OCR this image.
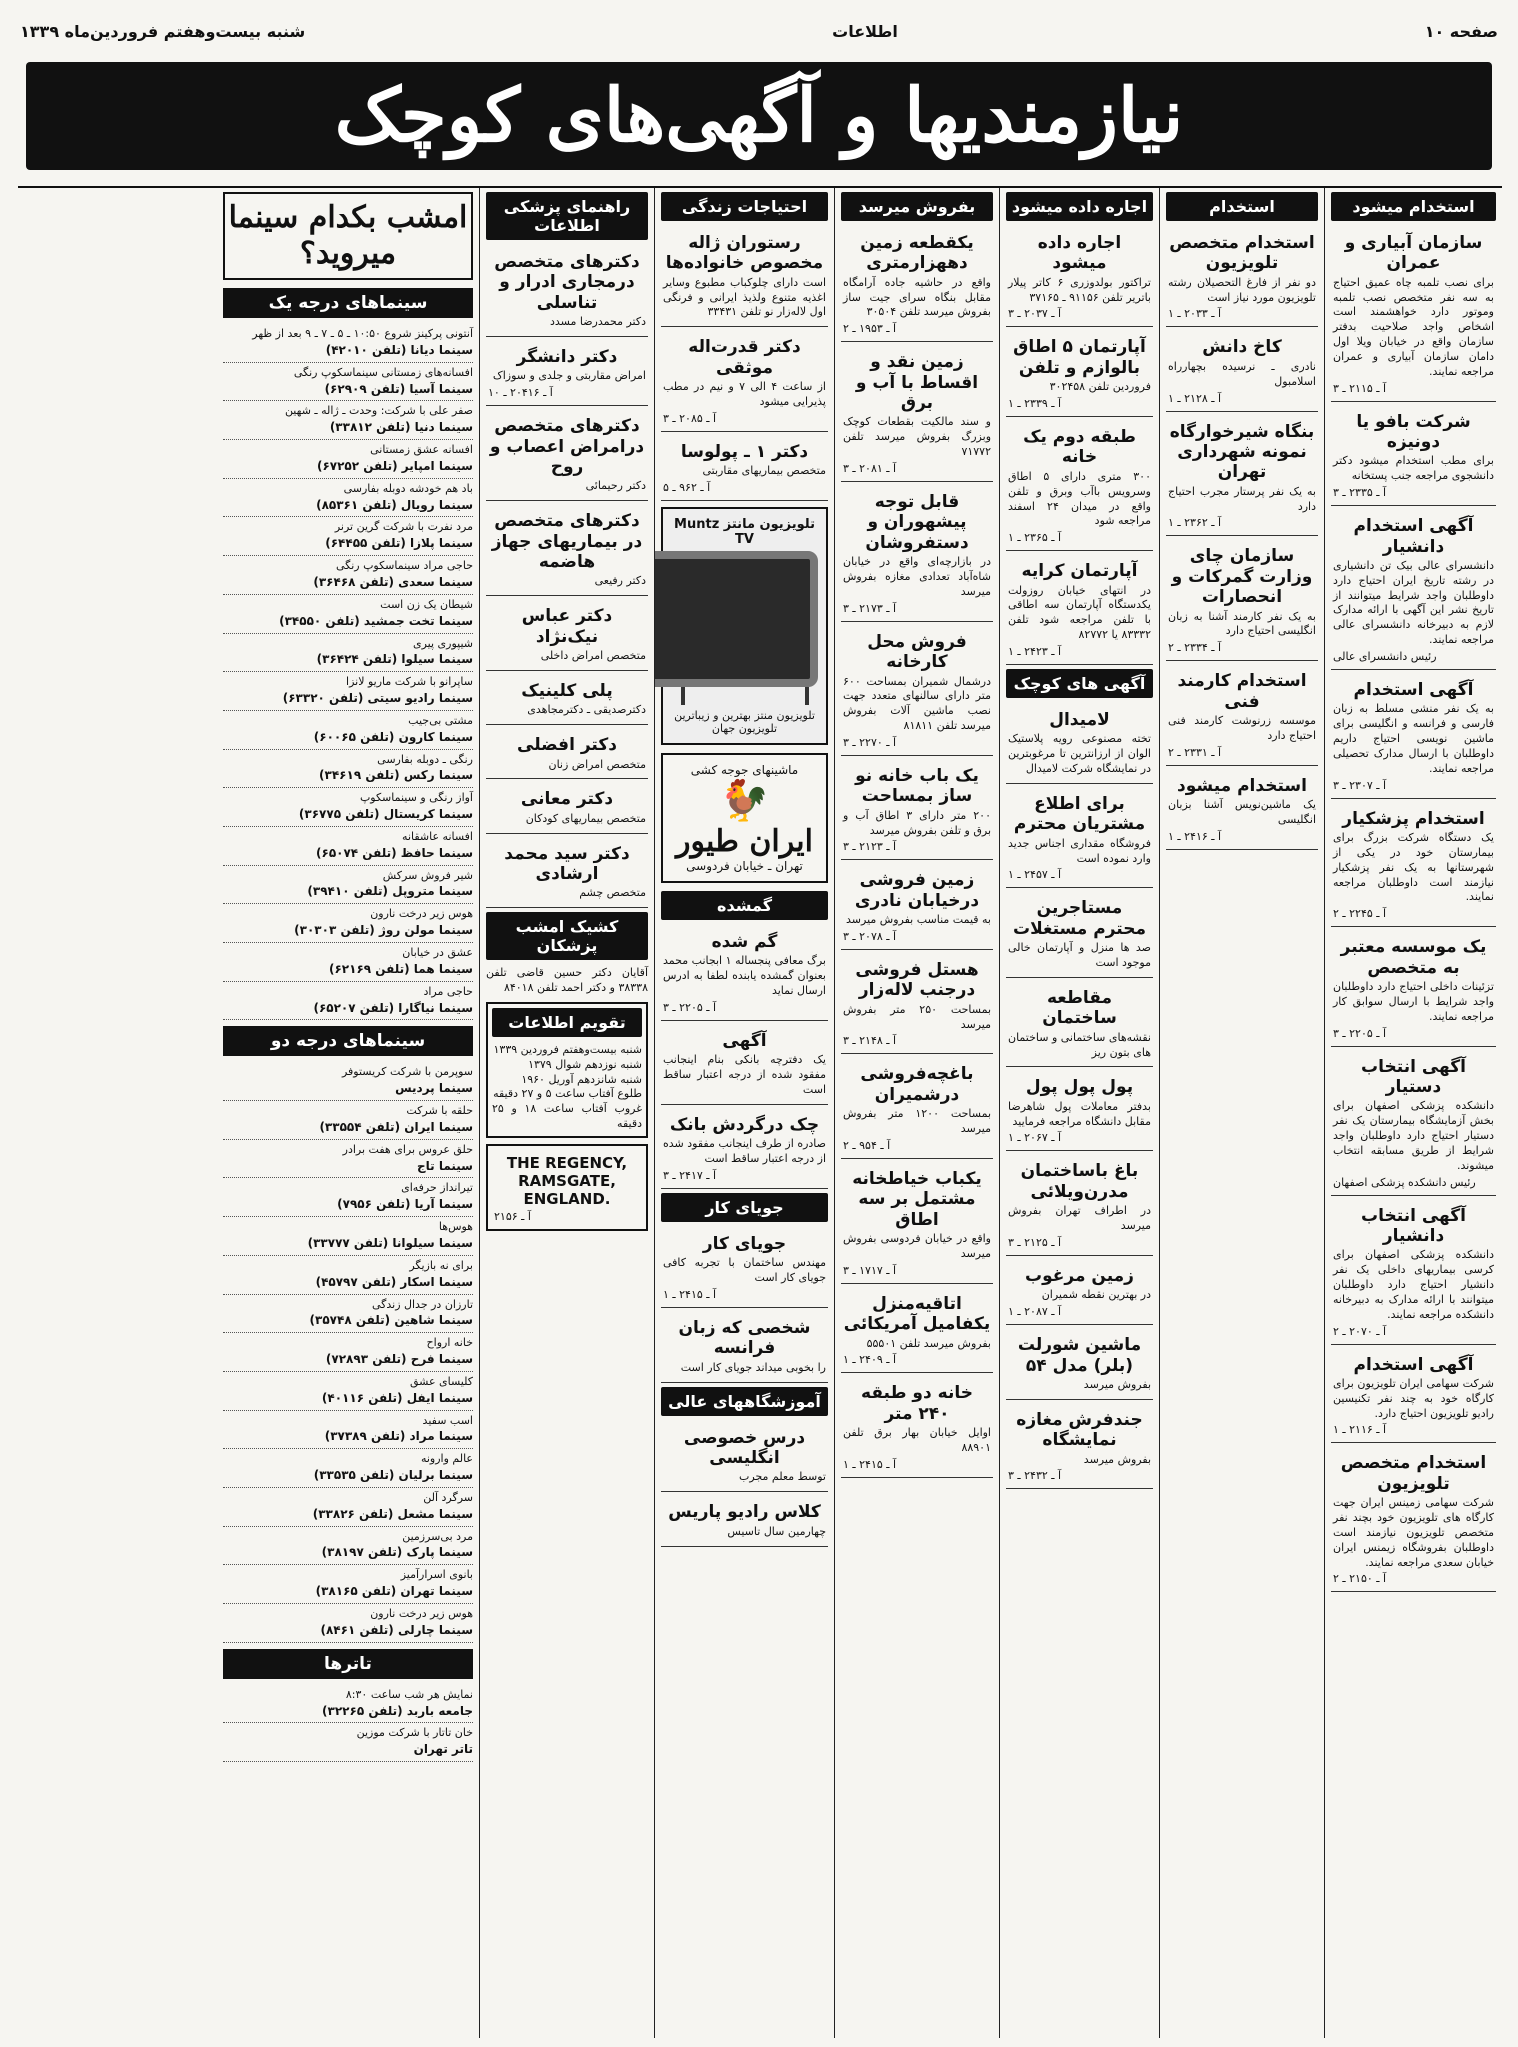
صفحه ۱۰
اطلاعات
شنبه بیست‌وهفتم فروردین‌ماه ۱۳۳۹
نیازمندیها و آگهی‌های کوچک
استخدام میشود
سازمان آبیاری و عمران
برای نصب تلمبه چاه عمیق احتیاج به سه نفر متخصص نصب تلمبه وموتور دارد خواهشمند است اشخاص واجد صلاحیت بدفتر سازمان واقع در خیابان ویلا اول دامان سازمان آبیاری و عمران مراجعه نمایند.
آ ـ ۲۱۱۵ ـ ۳
شرکت بافو یا دونیزه
برای مطب استخدام میشود دکتر دانشجوی مراجعه جنب پستخانه
آ ـ ۲۳۳۵ ـ ۳
آگهی استخدام دانشیار
دانشسرای عالی بیک تن دانشیاری در رشته تاریخ ایران احتیاج دارد داوطلبان واجد شرایط میتوانند از تاریخ نشر این آگهی با ارائه مدارک لازم به دبیرخانه دانشسرای عالی مراجعه نمایند.
رئیس دانشسرای عالی
آگهی استخدام
به یک نفر منشی مسلط به زبان فارسی و فرانسه و انگلیسی برای ماشین نویسی احتیاج داریم داوطلبان با ارسال مدارک تحصیلی مراجعه نمایند.
آ ـ ۲۳۰۷ ـ ۳
استخدام پزشکیار
یک دستگاه شرکت بزرگ برای بیمارستان خود در یکی از شهرستانها به یک نفر پزشکیار نیازمند است داوطلبان مراجعه نمایند.
آ ـ ۲۲۴۵ ـ ۲
یک موسسه معتبر به متخصص
تزئینات داخلی احتیاج دارد داوطلبان واجد شرایط با ارسال سوابق کار مراجعه نمایند.
آ ـ ۲۲۰۵ ـ ۳
آگهی انتخاب دستیار
دانشکده پزشکی اصفهان برای بخش آزمایشگاه بیمارستان یک نفر دستیار احتیاج دارد داوطلبان واجد شرایط از طریق مسابقه انتخاب میشوند.
رئیس دانشکده پزشکی اصفهان
آگهی انتخاب دانشیار
دانشکده پزشکی اصفهان برای کرسی بیماریهای داخلی یک نفر دانشیار احتیاج دارد داوطلبان میتوانند با ارائه مدارک به دبیرخانه دانشکده مراجعه نمایند.
آ ـ ۲۰۷۰ ـ ۲
آگهی استخدام
شرکت سهامی ایران تلویزیون برای کارگاه خود به چند نفر تکنیسین رادیو تلویزیون احتیاج دارد.
آ ـ ۲۱۱۶ ـ ۱
استخدام متخصص تلویزیون
شرکت سهامی زمینس ایران جهت کارگاه های تلویزیون خود بچند نفر متخصص تلویزیون نیازمند است داوطلبان بفروشگاه زیمنس ایران خیابان سعدی مراجعه نمایند.
آ ـ ۲۱۵۰ ـ ۲
استخدام
استخدام متخصص تلویزیون
دو نفر از فارغ التحصیلان رشته تلویزیون مورد نیاز است
آ ـ ۲۰۳۳ ـ ۱
کاخ دانش
نادری ـ نرسیده بچهارراه اسلامبول
آ ـ ۲۱۲۸ ـ ۱
بنگاه شیرخوارگاه نمونه شهرداری تهران
به یک نفر پرستار مجرب احتیاج دارد
آ ـ ۲۳۶۲ ـ ۱
سازمان چای وزارت گمرکات و انحصارات
به یک نفر کارمند آشنا به زبان انگلیسی احتیاج دارد
آ ـ ۲۳۳۴ ـ ۲
استخدام کارمند فنی
موسسه زرنوشت کارمند فنی احتیاج دارد
آ ـ ۲۳۳۱ ـ ۲
استخدام میشود
یک ماشین‌نویس آشنا بزبان انگلیسی
آ ـ ۲۴۱۶ ـ ۱
اجاره داده میشود
اجاره داده میشود
تراکتور بولدوزری ۶ کاتر پیلار باتریر تلفن ۹۱۱۵۶ ـ ۳۷۱۶۵
آ ـ ۲۰۳۷ ـ ۳
آپارتمان ۵ اطاق بالوازم و تلفن
فروردین تلفن ۳۰۲۴۵۸
آ ـ ۲۳۳۹ ـ ۱
طبقه دوم یک خانه
۳۰۰ متری دارای ۵ اطاق وسرویس باآب وبرق و تلفن واقع در میدان ۲۴ اسفند مراجعه شود
آ ـ ۲۳۶۵ ـ ۱
آپارتمان کرایه
در انتهای خیابان روزولت یکدستگاه آپارتمان سه اطاقی با تلفن مراجعه شود تلفن ۸۳۳۳۲ یا ۸۲۷۷۲
آ ـ ۲۴۲۳ ـ ۱
آگهی های کوچک
لامیدال
تخته مصنوعی رویه پلاستیک الوان از ارزانترین تا مرغوبترین در نمایشگاه شرکت لامیدال
برای اطلاع مشتریان محترم
فروشگاه مقداری اجناس جدید وارد نموده است
آ ـ ۲۴۵۷ ـ ۱
مستاجرین محترم مستغلات
صد ها منزل و آپارتمان خالی موجود است
مقاطعه ساختمان
نقشه‌های ساختمانی و ساختمان های بتون ریز
پول پول پول
بدفتر معاملات پول شاهرضا مقابل دانشگاه مراجعه فرمایید
آ ـ ۲۰۶۷ ـ ۱
باغ باساختمان مدرن‌ویلائی
در اطراف تهران بفروش میرسد
آ ـ ۲۱۲۵ ـ ۳
زمین مرغوب
در بهترین نقطه شمیران
آ ـ ۲۰۸۷ ـ ۱
ماشین شورلت (بلر) مدل ۵۴
بفروش میرسد
جندفرش مغازه نمایشگاه
بفروش میرسد
آ ـ ۲۴۳۲ ـ ۳
بفروش میرسد
یکقطعه زمین دههزارمتری
واقع در حاشیه جاده آرامگاه مقابل بنگاه سرای جیت ساز بفروش میرسد تلفن ۳۰۵۰۴
آ ـ ۱۹۵۳ ـ ۲
زمین نقد و اقساط با آب و برق
و سند مالکیت بقطعات کوچک وبزرگ بفروش میرسد تلفن ۷۱۷۷۲
آ ـ ۲۰۸۱ ـ ۳
قابل توجه پیشهوران و دستفروشان
در بازارچه‌ای واقع در خیابان شاه‌آباد تعدادی مغازه بفروش میرسد
آ ـ ۲۱۷۳ ـ ۳
فروش محل کارخانه
درشمال شمیران بمساحت ۶۰۰ متر دارای سالنهای متعدد جهت نصب ماشین آلات بفروش میرسد تلفن ۸۱۸۱۱
آ ـ ۲۲۷۰ ـ ۳
یک باب خانه نو ساز بمساحت
۲۰۰ متر دارای ۳ اطاق آب و برق و تلفن بفروش میرسد
آ ـ ۲۱۲۳ ـ ۳
زمین فروشی درخیابان نادری
به قیمت مناسب بفروش میرسد
آ ـ ۲۰۷۸ ـ ۳
هستل فروشی درجنب لاله‌زار
بمساحت ۲۵۰ متر بفروش میرسد
آ ـ ۲۱۴۸ ـ ۳
باغچه‌فروشی درشمیران
بمساحت ۱۲۰۰ متر بفروش میرسد
آ ـ ۹۵۴ ـ ۲
یکباب خیاطخانه مشتمل بر سه اطاق
واقع در خیابان فردوسی بفروش میرسد
آ ـ ۱۷۱۷ ـ ۳
اتاقیه‌منزل یکفامیل آمریکائی
بفروش میرسد تلفن ۵۵۵۰۱
آ ـ ۲۴۰۹ ـ ۱
خانه دو طبقه ۲۴۰ متر
اوایل خیابان بهار برق تلفن ۸۸۹۰۱
آ ـ ۲۴۱۵ ـ ۱
احتیاجات زندگی
رستوران ژاله مخصوص خانواده‌ها
است دارای چلوکباب مطبوع وسایر اغذیه متنوع ولذیذ ایرانی و فرنگی اول لاله‌زار نو تلفن ۳۳۴۳۱
دکتر قدرت‌اله موثقی
از ساعت ۴ الی ۷ و نیم در مطب پذیرایی میشود
آ ـ ۲۰۸۵ ـ ۳
دکتر ۱ ـ پولوسا
متخصص بیماریهای مقاربتی
آ ـ ۹۶۲ ـ ۵
تلویزیون مانتز Muntz TV
تلویزیون منتز بهترین و زیباترین تلویزیون جهان
ماشینهای جوجه کشی
🐓
ایران طیور
تهران ـ خیابان فردوسی
گمشده
گم شده
برگ معافی پنجساله ۱ ابجانب محمد بعنوان گمشده یابنده لطفا به ادرس ارسال نماید
آ ـ ۲۲۰۵ ـ ۳
آگهی
یک دفترچه بانکی بنام اینجانب مفقود شده از درجه اعتبار ساقط است
چک درگردش بانک
صادره از طرف اینجانب مفقود شده از درجه اعتبار ساقط است
آ ـ ۲۴۱۷ ـ ۳
جویای کار
جویای کار
مهندس ساختمان با تجربه کافی جویای کار است
آ ـ ۲۴۱۵ ـ ۱
شخصی که زبان فرانسه
را بخوبی میداند جویای کار است
آموزشگاههای عالی
درس خصوصی انگلیسی
توسط معلم مجرب
کلاس رادیو پاریس
چهارمین سال تاسیس
راهنمای پزشکی اطلاعات
دکترهای متخصص درمجاری ادرار و تناسلی
دکتر محمدرضا مسدد
دکتر دانشگر
امراض مقاربتی و جلدی و سوزاک
آ ـ ۲۰۴۱۶ ـ ۱۰
دکترهای متخصص درامراض اعصاب و روح
دکتر رحیمائی
دکترهای متخصص در بیماریهای جهاز هاضمه
دکتر رفیعی
دکتر عباس نیک‌نژاد
متخصص امراض داخلی
پلی کلینیک
دکترصدیقی ـ دکترمجاهدی
دکتر افضلی
متخصص امراض زنان
دکتر معانی
متخصص بیماریهای کودکان
دکتر سید محمد ارشادی
متخصص چشم
کشیک امشب پزشکان
آقایان دکتر حسین قاضی تلفن ۳۸۳۳۸ و دکتر احمد تلفن ۸۴۰۱۸
تقویم اطلاعات
شنبه بیست‌وهفتم فروردین ۱۳۳۹
شنبه نوزدهم شوال ۱۳۷۹
شنبه شانزدهم آوریل ۱۹۶۰
طلوع آفتاب ساعت ۵ و ۲۷ دقیقه
غروب آفتاب ساعت ۱۸ و ۲۵ دقیقه
THE REGENCY, RAMSGATE, ENGLAND.
آ ـ ۲۱۵۶
امشب بکدام سینما میروید؟
سینماهای درجه یک
آنتونی پرکینز شروع ۱۰:۵۰ ـ ۵ ـ ۷ ـ ۹ بعد از ظهر
سینما دیانا (تلفن ۴۲۰۱۰)
افسانه‌های زمستانی سینماسکوپ رنگی
سینما آسیا (تلفن ۶۲۹۰۹)
صفر علی با شرکت: وحدت ـ ژاله ـ شهین
سینما دنیا (تلفن ۳۳۸۱۲)
افسانه عشق زمستانی
سینما امپایر (تلفن ۶۷۲۵۲)
باد هم خودشه دوبله بفارسی
سینما رویال (تلفن ۸۵۳۶۱)
مرد نفرت با شرکت گرین ترنر
سینما پلازا (تلفن ۶۴۴۵۵)
حاجی مراد سینماسکوپ رنگی
سینما سعدی (تلفن ۳۶۴۶۸)
شیطان یک زن است
سینما تخت جمشید (تلفن ۳۴۵۵۰)
شیپوری پیری
سینما سیلوا (تلفن ۳۶۴۲۴)
ساپرانو با شرکت ماریو لانزا
سینما رادیو سیتی (تلفن ۶۳۳۲۰)
مشتی بی‌جیب
سینما کارون (تلفن ۶۰۰۶۵)
رنگی ـ دوبله بفارسی
سینما رکس (تلفن ۳۴۶۱۹)
آواز رنگی و سینماسکوپ
سینما کریستال (تلفن ۳۶۷۷۵)
افسانه عاشقانه
سینما حافظ (تلفن ۶۵۰۷۴)
شیر فروش سرکش
سینما متروپل (تلفن ۳۹۴۱۰)
هوس زیر درخت نارون
سینما مولن روژ (تلفن ۳۰۳۰۳)
عشق در خیابان
سینما هما (تلفن ۶۲۱۶۹)
حاجی مراد
سینما نیاگارا (تلفن ۶۵۲۰۷)
سینماهای درجه دو
سوپرمن با شرکت کریستوفر
سینما پردیس
حلقه با شرکت
سینما ایران (تلفن ۳۳۵۵۴)
حلق عروس برای هفت برادر
سینما تاج
تیرانداز حرفه‌ای
سینما آریا (تلفن ۷۹۵۶)
هوس‌ها
سینما سیلوانا (تلفن ۳۳۷۷۷)
برای نه بازیگر
سینما اسکار (تلفن ۴۵۷۹۷)
تارزان در جدال زندگی
سینما شاهین (تلفن ۳۵۷۴۸)
خانه ارواح
سینما فرح (تلفن ۷۲۸۹۳)
کلیسای عشق
سینما ایفل (تلفن ۴۰۱۱۶)
اسب سفید
سینما مراد (تلفن ۳۷۳۸۹)
عالم وارونه
سینما برلیان (تلفن ۳۳۵۳۵)
سرگرد آلن
سینما مشعل (تلفن ۳۳۸۲۶)
مرد بی‌سرزمین
سینما پارک (تلفن ۳۸۱۹۷)
بانوی اسرارآمیز
سینما تهران (تلفن ۳۸۱۶۵)
هوس زیر درخت نارون
سینما چارلی (تلفن ۸۴۶۱)
تاترها
نمایش هر شب ساعت ۸:۳۰
جامعه باربد (تلفن ۳۲۲۶۵)
خان تاتار با شرکت موزین
تاتر تهران
